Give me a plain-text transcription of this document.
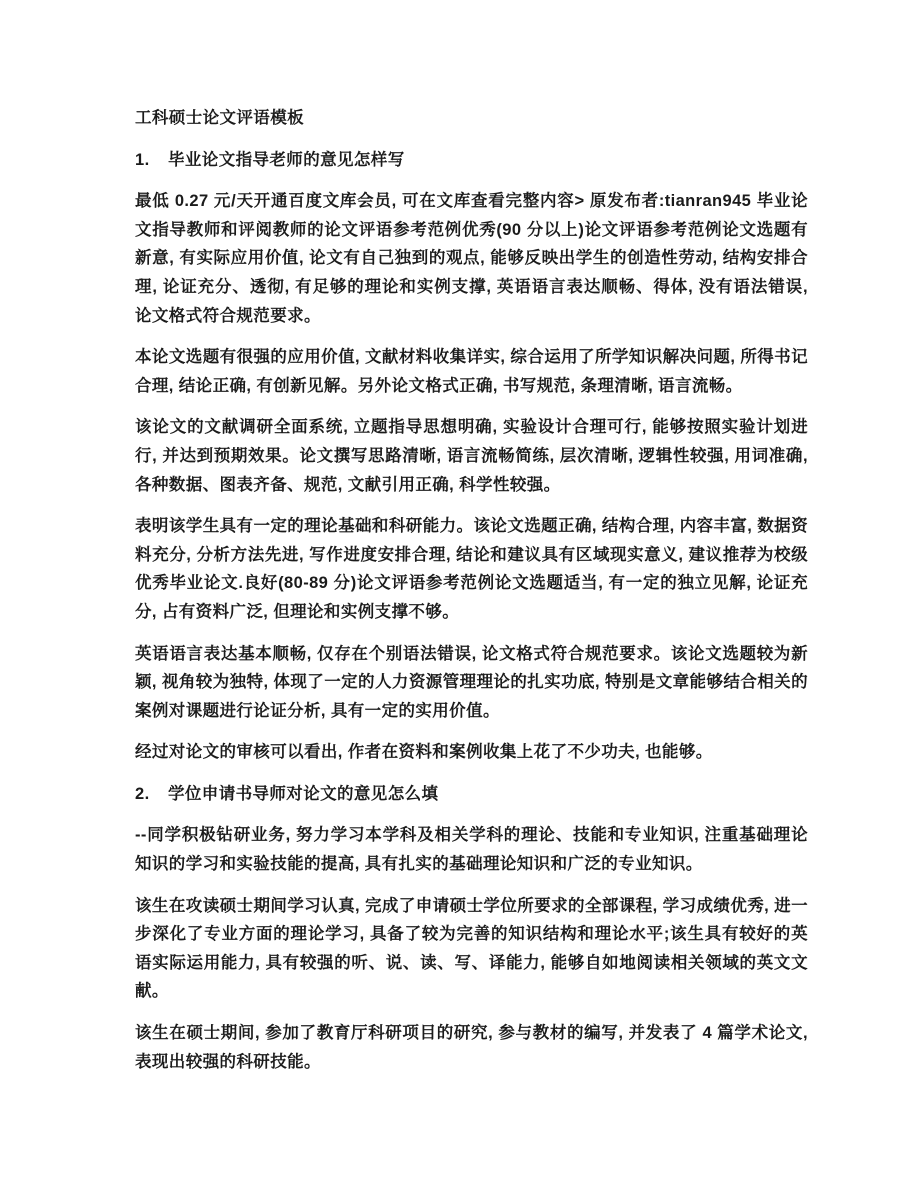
工科硕士论文评语模板
1.	毕业论文指导老师的意见怎样写

最低 0.27 元/天开通百度文库会员, 可在文库查看完整内容> 原发布者:tianran945 毕业论文指导教师和评阅教师的论文评语参考范例优秀(90 分以上)论文评语参考范例论文选题有新意, 有实际应用价值, 论文有自己独到的观点, 能够反映出学生的创造性劳动, 结构安排合理, 论证充分、透彻, 有足够的理论和实例支撑, 英语语言表达顺畅、得体, 没有语法错误, 论文格式符合规范要求。

本论文选题有很强的应用价值, 文献材料收集详实, 综合运用了所学知识解决问题, 所得书记合理, 结论正确, 有创新见解。另外论文格式正确, 书写规范, 条理清晰, 语言流畅。

该论文的文献调研全面系统, 立题指导思想明确, 实验设计合理可行, 能够按照实验计划进行, 并达到预期效果。论文撰写思路清晰, 语言流畅简练, 层次清晰, 逻辑性较强, 用词准确, 各种数据、图表齐备、规范, 文献引用正确, 科学性较强。

表明该学生具有一定的理论基础和科研能力。该论文选题正确, 结构合理, 内容丰富, 数据资料充分, 分析方法先进, 写作进度安排合理, 结论和建议具有区域现实意义, 建议推荐为校级优秀毕业论文.良好(80-89 分)论文评语参考范例论文选题适当, 有一定的独立见解, 论证充分, 占有资料广泛, 但理论和实例支撑不够。

英语语言表达基本顺畅, 仅存在个别语法错误, 论文格式符合规范要求。该论文选题较为新颖, 视角较为独特, 体现了一定的人力资源管理理论的扎实功底, 特别是文章能够结合相关的案例对课题进行论证分析, 具有一定的实用价值。

经过对论文的审核可以看出, 作者在资料和案例收集上花了不少功夫, 也能够。

2.	学位申请书导师对论文的意见怎么填

--同学积极钻研业务, 努力学习本学科及相关学科的理论、技能和专业知识, 注重基础理论知识的学习和实验技能的提高, 具有扎实的基础理论知识和广泛的专业知识。

该生在攻读硕士期间学习认真, 完成了申请硕士学位所要求的全部课程, 学习成绩优秀, 进一步深化了专业方面的理论学习, 具备了较为完善的知识结构和理论水平;该生具有较好的英语实际运用能力, 具有较强的听、说、读、写、译能力, 能够自如地阅读相关领域的英文文献。

该生在硕士期间, 参加了教育厅科研项目的研究, 参与教材的编写, 并发表了 4 篇学术论文, 表现出较强的科研技能。
